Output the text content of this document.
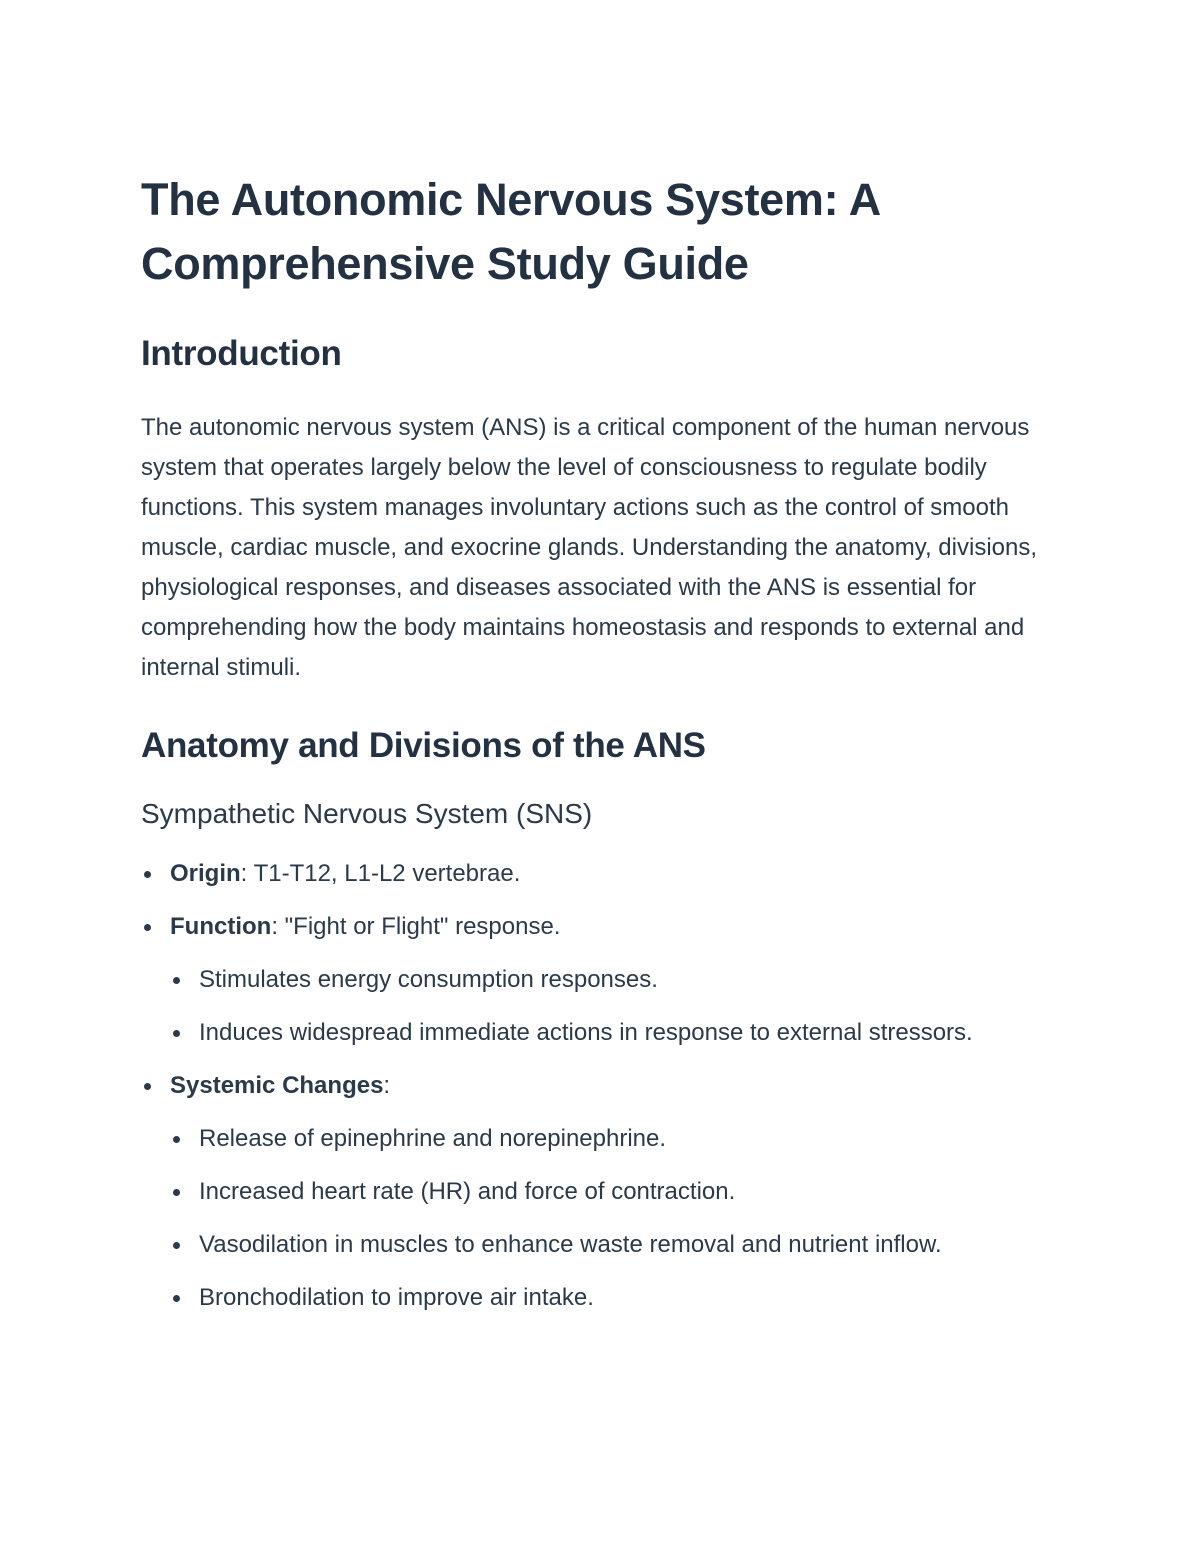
The Autonomic Nervous System: A Comprehensive Study Guide
Introduction

The autonomic nervous system (ANS) is a critical component of the human nervous system that operates largely below the level of consciousness to regulate bodily functions. This system manages involuntary actions such as the control of smooth muscle, cardiac muscle, and exocrine glands. Understanding the anatomy, divisions, physiological responses, and diseases associated with the ANS is essential for comprehending how the body maintains homeostasis and responds to external and internal stimuli.

Anatomy and Divisions of the ANS
Sympathetic Nervous System (SNS)
Origin: T1-T12, L1-L2 vertebrae.
Function: "Fight or Flight" response.
Stimulates energy consumption responses.
Induces widespread immediate actions in response to external stressors.
Systemic Changes:
Release of epinephrine and norepinephrine.
Increased heart rate (HR) and force of contraction.
Vasodilation in muscles to enhance waste removal and nutrient inflow.
Bronchodilation to improve air intake.
